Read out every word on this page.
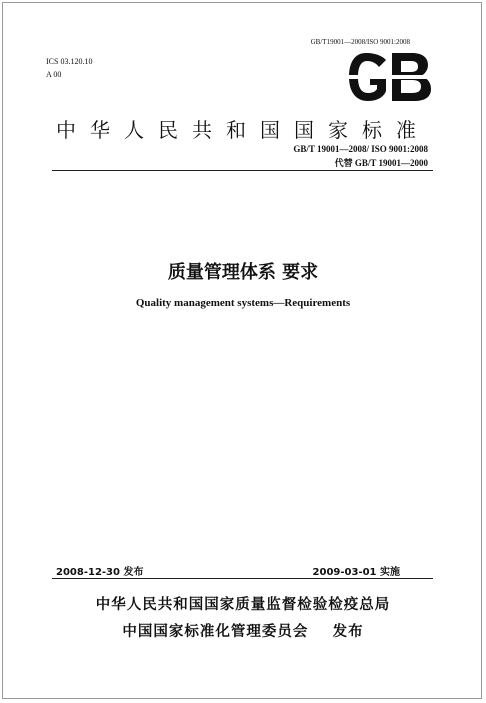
GB/T19001—2008/ISO 9001:2008
ICS 03.120.10
A 00
中华人民共和国国家标准
GB/T 19001—2008/ ISO 9001:2008
代替 GB/T 19001—2000
质量管理体系 要求
Quality management systems—Requirements
2008-12-30 发布	2009-03-01 实施
中华人民共和国国家质量监督检验检疫总局
中国国家标准化管理委员会    发布
